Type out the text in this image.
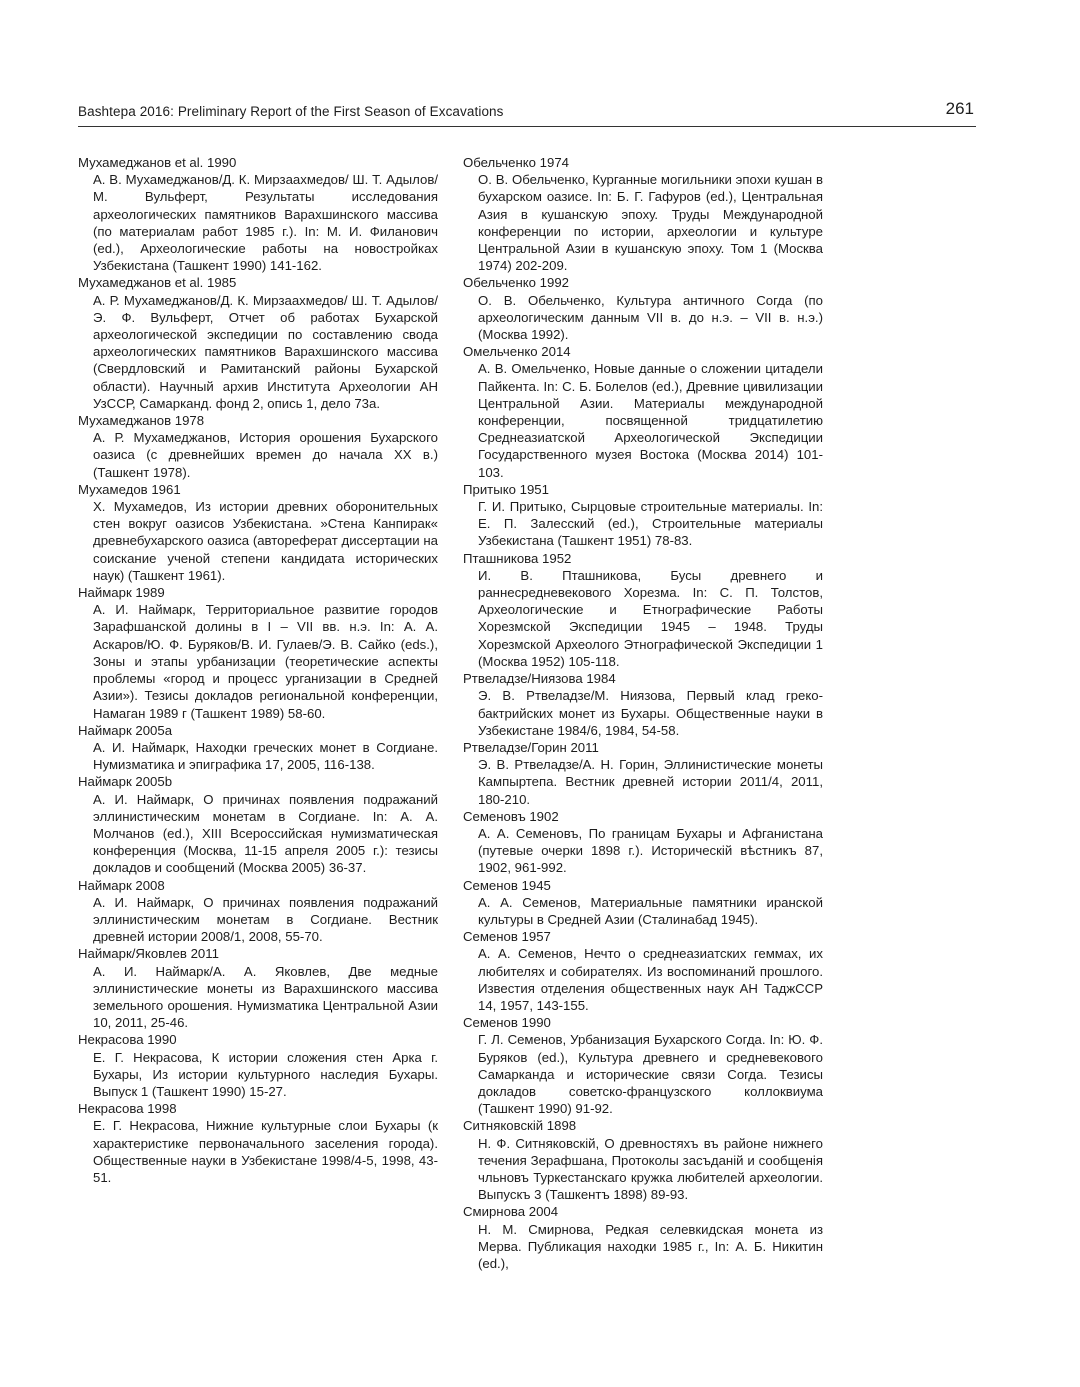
Bashtepa 2016: Preliminary Report of the First Season of Excavations	261
Мухамеджанов et al. 1990
А. В. Мухамеджанов/Д. К. Мирзаахмедов/ Ш. Т. Адылов/М. Вульферт, Результаты исследования археологических памятников Варахшинского массива (по материалам работ 1985 г.). In: М. И. Филанович (ed.), Археологические работы на новостройках Узбекистана (Ташкент 1990) 141-162.
Мухамеджанов et al. 1985
А. Р. Мухамеджанов/Д. К. Мирзаахмедов/ Ш. Т. Адылов/Э. Ф. Вульферт, Отчет об работах Бухарской археологической экспедиции по составлению свода археологических памятников Варахшинского массива (Свердловский и Рамитанский районы Бухарской области). Научный архив Института Археологии АН УзССР, Самарканд. фонд 2, опись 1, дело 73а.
Мухамеджанов 1978
А. Р. Мухамеджанов, История орошения Бухарского оазиса (с древнейших времен до начала XX в.) (Ташкент 1978).
Мухамедов 1961
Х. Мухамедов, Из истории древних оборонительных стен вокруг оазисов Узбекистана. »Стена Канпирак« древнебухарского оазиса (автореферат диссертации на соискание ученой степени кандидата исторических наук) (Ташкент 1961).
Наймарк 1989
А. И. Наймарк, Территориальное развитие городов Зарафшанской долины в I – VII вв. н.э. In: А. А. Аскаров/Ю. Ф. Буряков/В. И. Гулаев/Э. В. Сайко (eds.), Зоны и этапы урбанизации (теоретические аспекты проблемы «город и процесс урганизации в Средней Азии»). Тезисы докладов региональной конференции, Намаган 1989 г (Ташкент 1989) 58-60.
Наймарк 2005a
А. И. Наймарк, Находки греческих монет в Согдиане. Нумизматика и эпиграфика 17, 2005, 116-138.
Наймарк 2005b
А. И. Наймарк, О причинах появления подражаний эллинистическим монетам в Согдиане. In: А. А. Молчанов (ed.), XIII Всероссийская нумизматическая конференция (Москва, 11-15 апреля 2005 г.): тезисы докладов и сообщений (Москва 2005) 36-37.
Наймарк 2008
А. И. Наймарк, О причинах появления подражаний эллинистическим монетам в Согдиане. Вестник древней истории 2008/1, 2008, 55-70.
Наймарк/Яковлев 2011
А. И. Наймарк/А. А. Яковлев, Две медные эллинистические монеты из Варахшинского массива земельного орошения. Нумизматика Центральной Азии 10, 2011, 25-46.
Некрасова 1990
Е. Г. Некрасова, К истории сложения стен Арка г. Бухары, Из истории культурного наследия Бухары. Выпуск 1 (Ташкент 1990) 15-27.
Некрасова 1998
Е. Г. Некрасова, Нижние культурные слои Бухары (к характеристике первоначального заселения города). Общественные науки в Узбекистане 1998/4-5, 1998, 43-51.
Обельченко 1974
О. В. Обельченко, Курганные могильники эпохи кушан в бухарском оазисе. In: Б. Г. Гафуров (ed.), Центральная Азия в кушанскую эпоху. Труды Международной конференции по истории, археологии и культуре Центральной Азии в кушанскую эпоху. Том 1 (Москва 1974) 202-209.
Обельченко 1992
О. В. Обельченко, Культура античного Согда (по археологическим данным VII в. до н.э. – VII в. н.э.) (Москва 1992).
Омельченко 2014
А. В. Омельченко, Новые данные о сложении цитадели Пайкента. In: С. Б. Болелов (ed.), Древние цивилизации Центральной Азии. Материалы международной конференции, посвященной тридцатилетию Среднеазиатской Археологической Экспедиции Государственного музея Востока (Москва 2014) 101-103.
Притыко 1951
Г. И. Притыко, Сырцовые строительные материалы. In: Е. П. Залесский (ed.), Строительные материалы Узбекистана (Ташкент 1951) 78-83.
Пташникова 1952
И. В. Пташникова, Бусы древнего и раннесредневекового Хорезма. In: С. П. Толстов, Археологические и Етнографические Работы Хорезмской Экспедиции 1945 – 1948. Труды Хорезмской Археолого Этнографической Экспедиции 1 (Москва 1952) 105-118.
Ртвеладзе/Ниязова 1984
Э. В. Ртвеладзе/М. Ниязова, Первый клад греко-бактрийских монет из Бухары. Общественные науки в Узбекистане 1984/6, 1984, 54-58.
Ртвеладзе/Горин 2011
Э. В. Ртвеладзе/А. Н. Горин, Эллинистические монеты Кампыртепа. Вестник древней истории 2011/4, 2011, 180-210.
Семеновъ 1902
А. А. Семеновъ, По границам Бухары и Афганистана (путевые очерки 1898 г.). Историческій вѣстникъ 87, 1902, 961-992.
Семенов 1945
А. А. Семенов, Материальные памятники иранской культуры в Средней Азии (Сталинабад 1945).
Семенов 1957
А. А. Семенов, Нечто о среднеазиатских геммах, их любителях и собирателях. Из воспоминаний прошлого. Известия отделения общественных наук АН ТаджССР 14, 1957, 143-155.
Семенов 1990
Г. Л. Семенов, Урбанизация Бухарского Согда. In: Ю. Ф. Буряков (ed.), Культура древнего и средневекового Самарканда и исторические связи Согда. Тезисы докладов советско-французского коллоквиума (Ташкент 1990) 91-92.
Ситняковскій 1898
Н. Ф. Ситняковскій, О древностяхъ въ районе нижнего течения Зерафшана, Протоколы засъданій и сообщенія чльновъ Туркестанскаго кружка любителей археологии. Выпускъ 3 (Ташкентъ 1898) 89-93.
Смирнова 2004
Н. М. Смирнова, Редкая селевкидская монета из Мерва. Публикация находки 1985 г., In: А. Б. Никитин (ed.),
